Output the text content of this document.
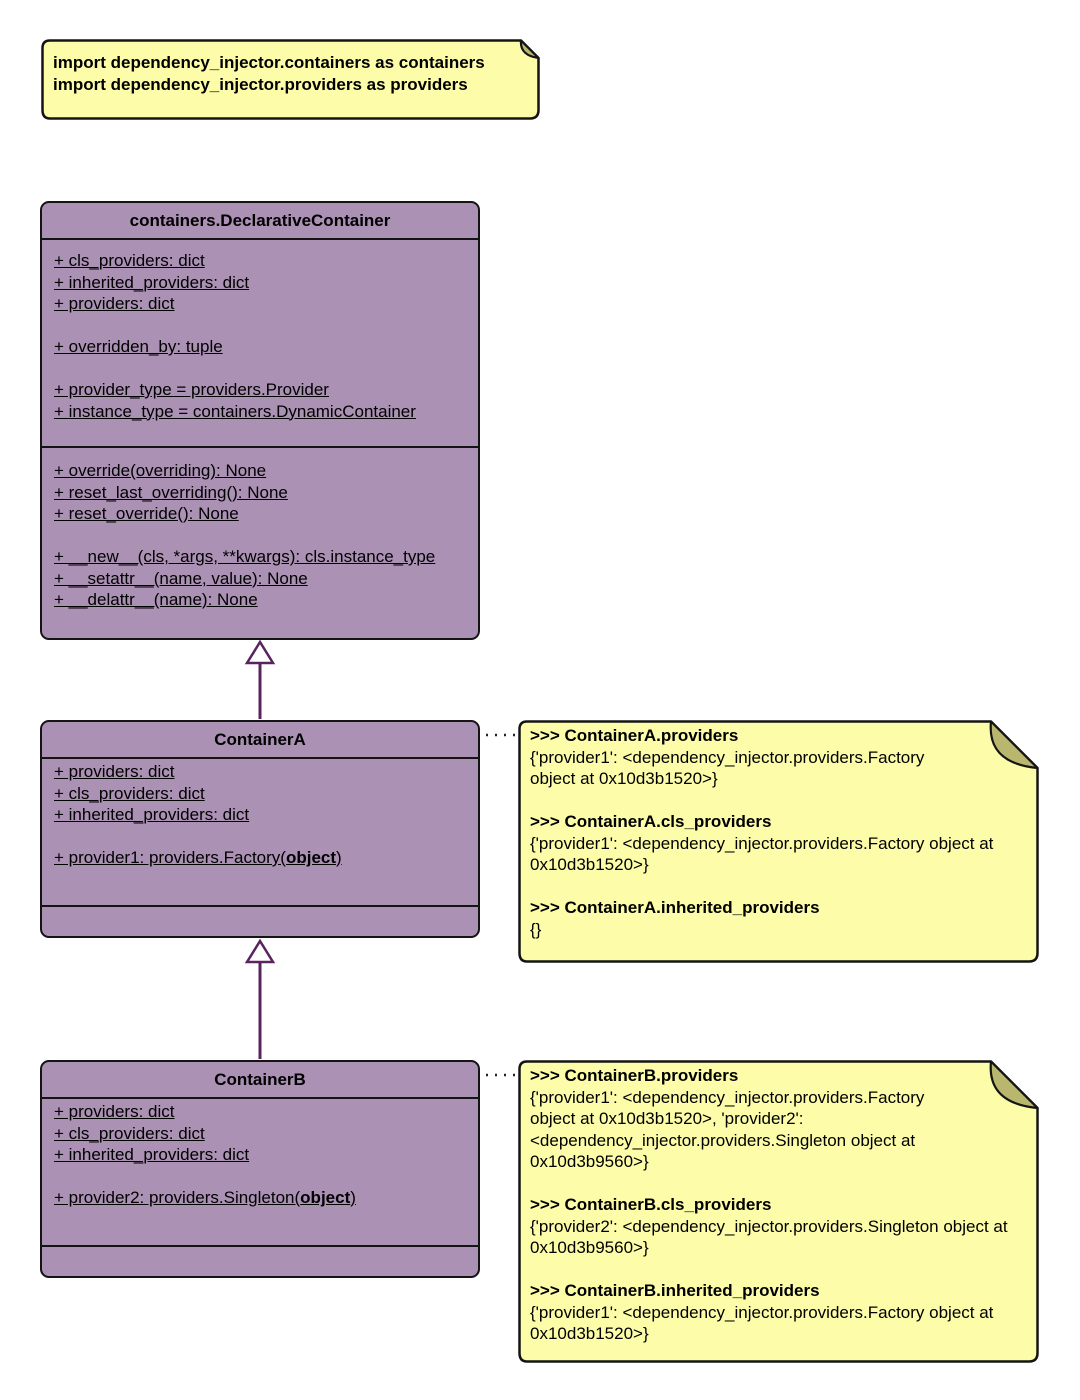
import dependency_injector.containers as containers
import dependency_injector.providers as providers
containers.DeclarativeContainer
+ cls_providers: dict
+ inherited_providers: dict
+ providers: dict
+ overridden_by: tuple
+ provider_type = providers.Provider
+ instance_type = containers.DynamicContainer
+ override(overriding): None
+ reset_last_overriding(): None
+ reset_override(): None
+ __new__(cls, *args, **kwargs): cls.instance_type
+ __setattr__(name, value): None
+ __delattr__(name): None
ContainerA
+ providers: dict
+ cls_providers: dict
+ inherited_providers: dict
+ provider1: providers.Factory(object)
>>> ContainerA.providers
{'provider1': <dependency_injector.providers.Factory
object at 0x10d3b1520>}
>>> ContainerA.cls_providers
{'provider1': <dependency_injector.providers.Factory object at
0x10d3b1520>}
>>> ContainerA.inherited_providers
{}
ContainerB
+ providers: dict
+ cls_providers: dict
+ inherited_providers: dict
+ provider2: providers.Singleton(object)
>>> ContainerB.providers
{'provider1': <dependency_injector.providers.Factory
object at 0x10d3b1520>, 'provider2':
<dependency_injector.providers.Singleton object at
0x10d3b9560>}
>>> ContainerB.cls_providers
{'provider2': <dependency_injector.providers.Singleton object at
0x10d3b9560>}
>>> ContainerB.inherited_providers
{'provider1': <dependency_injector.providers.Factory object at
0x10d3b1520>}
